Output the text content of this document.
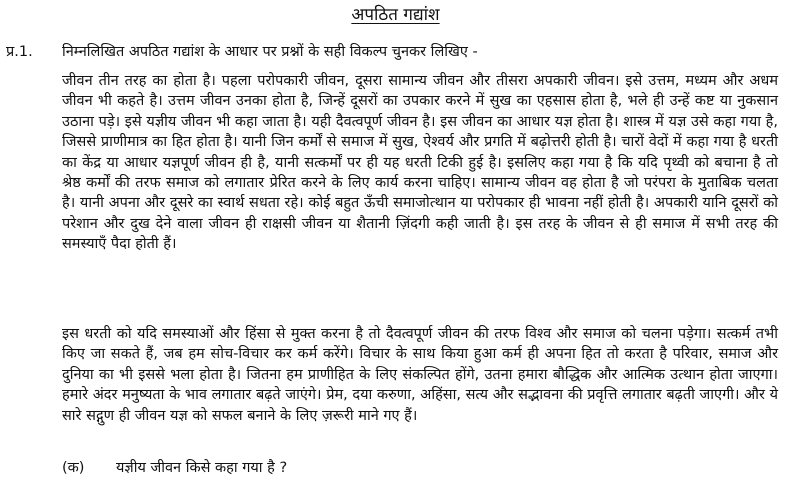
अपठित गद्यांश
प्र.1. निम्नलिखित अपठित गद्यांश के आधार पर प्रश्नों के सही विकल्प चुनकर लिखिए -

जीवन तीन तरह का होता है। पहला परोपकारी जीवन, दूसरा सामान्य जीवन और तीसरा अपकारी जीवन। इसे उत्तम, मध्यम और अधम जीवन भी कहते है। उत्तम जीवन उनका होता है, जिन्हें दूसरों का उपकार करने में सुख का एहसास होता है, भले ही उन्हें कष्ट या नुकसान उठाना पड़े। इसे यज्ञीय जीवन भी कहा जाता है। यही दैवत्वपूर्ण जीवन है। इस जीवन का आधार यज्ञ होता है। शास्त्र में यज्ञ उसे कहा गया है, जिससे प्राणीमात्र का हित होता है। यानी जिन कर्मों से समाज में सुख, ऐश्वर्य और प्रगति में बढ़ोत्तरी होती है। चारों वेदों में कहा गया है धरती का केंद्र या आधार यज्ञपूर्ण जीवन ही है, यानी सत्कर्मों पर ही यह धरती टिकी हुई है। इसलिए कहा गया है कि यदि पृथ्वी को बचाना है तो श्रेष्ठ कर्मों की तरफ समाज को लगातार प्रेरित करने के लिए कार्य करना चाहिए। सामान्य जीवन वह होता है जो परंपरा के मुताबिक चलता है। यानी अपना और दूसरे का स्वार्थ सधता रहे। कोई बहुत ऊँची समाजोत्थान या परोपकार ही भावना नहीं होती है। अपकारी यानि दूसरों को परेशान और दुख देने वाला जीवन ही राक्षसी जीवन या शैतानी ज़िंदगी कही जाती है। इस तरह के जीवन से ही समाज में सभी तरह की समस्याएँ पैदा होती हैं।

इस धरती को यदि समस्याओं और हिंसा से मुक्त करना है तो दैवत्वपूर्ण जीवन की तरफ विश्व और समाज को चलना पड़ेगा। सत्कर्म तभी किए जा सकते हैं, जब हम सोच-विचार कर कर्म करेंगे। विचार के साथ किया हुआ कर्म ही अपना हित तो करता है परिवार, समाज और दुनिया का भी इससे भला होता है। जितना हम प्राणीहित के लिए संकल्पित होंगे, उतना हमारा बौद्धिक और आत्मिक उत्थान होता जाएगा। हमारे अंदर मनुष्यता के भाव लगातार बढ़ते जाएंगे। प्रेम, दया करुणा, अहिंसा, सत्य और सद्भावना की प्रवृत्ति लगातार बढ़ती जाएगी। और ये सारे सद्गुण ही जीवन यज्ञ को सफल बनाने के लिए ज़रूरी माने गए हैं।

(क) यज्ञीय जीवन किसे कहा गया है ?
